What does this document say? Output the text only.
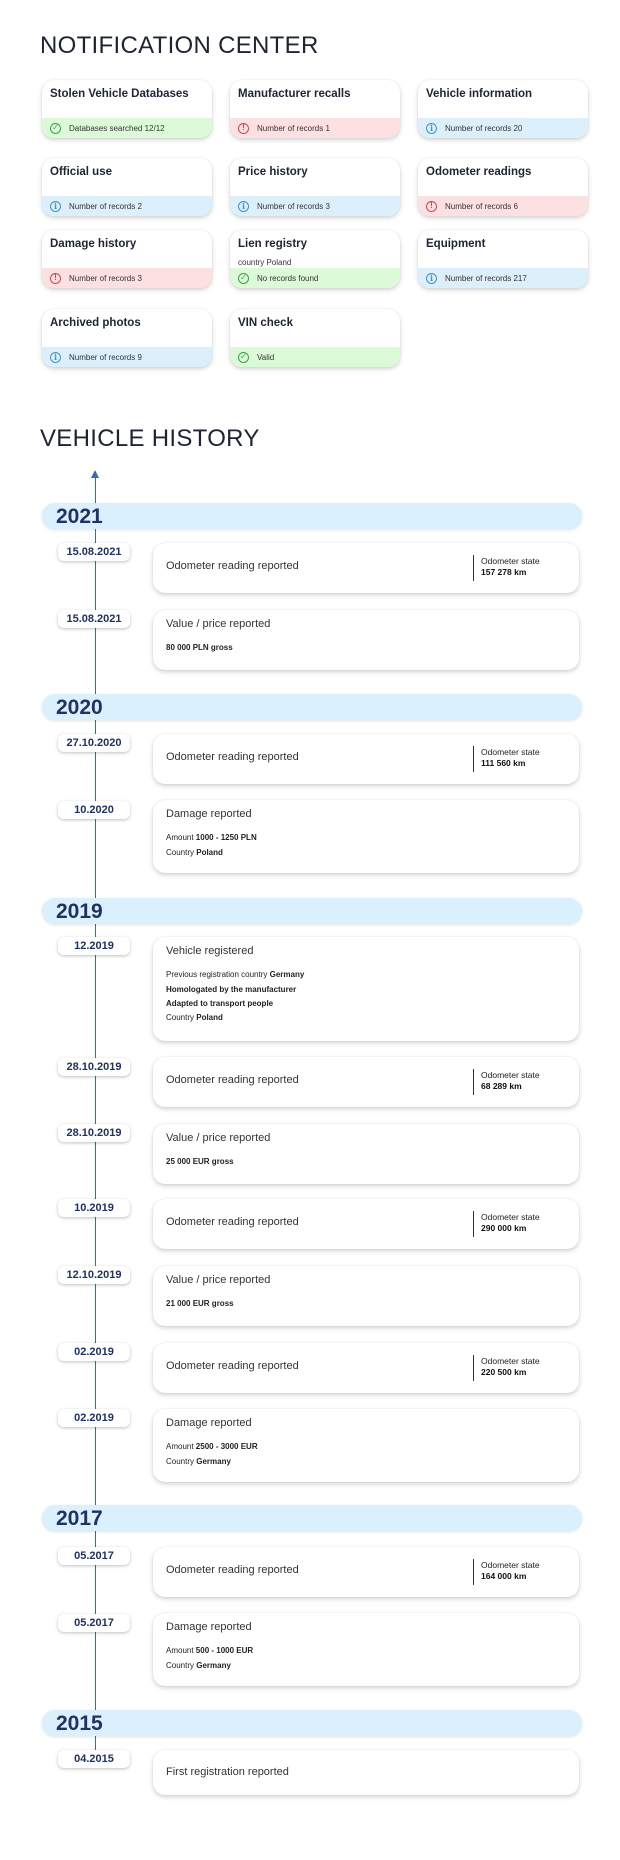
NOTIFICATION CENTER
Stolen Vehicle Databases
✓ Databases searched 12/12
Manufacturer recalls
!	Number of records 1
Vehicle information
i	Number of records 20
Official use
i	Number of records 2
Price history
i	Number of records 3
Odometer readings
!	Number of records 6
Damage history
!	Number of records 3
Lien registry
country Poland
✓ No records found
Equipment
i	Number of records 217
Archived photos
i	Number of records 9
VIN check
✓ Valid
VEHICLE HISTORY
2021
2020
2019
2017
2015
15.08.2021
Odometer reading reported	Odometer state
157 278 km
15.08.2021	Value / price reported
80 000 PLN gross
27.10.2020
Odometer reading reported	Odometer state
111 560 km
10.2020	Damage reported
Amount 1000 - 1250 PLN
Country Poland
12.2019	Vehicle registered
Previous registration country Germany
Homologated by the manufacturer
Adapted to transport people
Country Poland
28.10.2019
Odometer reading reported	Odometer state
68 289 km
28.10.2019	Value / price reported
25 000 EUR gross
10.2019
Odometer reading reported	Odometer state
290 000 km
12.10.2019	Value / price reported
21 000 EUR gross
02.2019
Odometer reading reported	Odometer state
220 500 km
02.2019	Damage reported
Amount 2500 - 3000 EUR
Country Germany
05.2017
Odometer reading reported	Odometer state
164 000 km
05.2017	Damage reported
Amount 500 - 1000 EUR
Country Germany
04.2015
First registration reported
